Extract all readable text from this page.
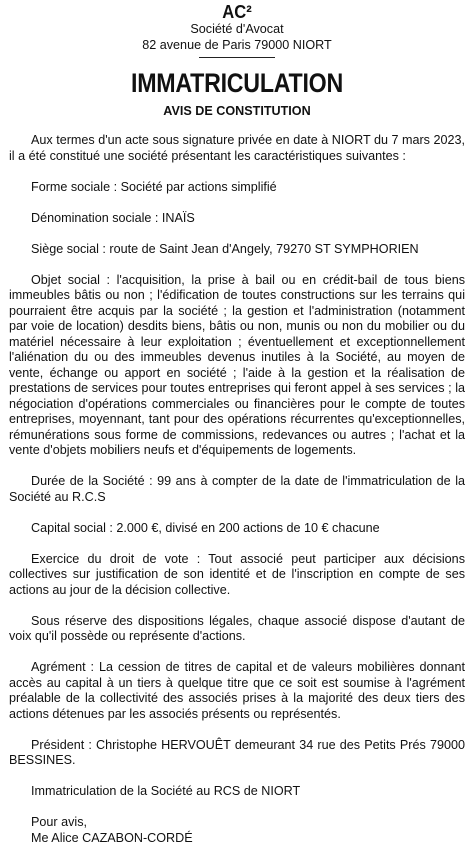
AC²
Société d'Avocat
82 avenue de Paris 79000 NIORT
IMMATRICULATION
AVIS DE CONSTITUTION

Aux termes d'un acte sous signature privée en date à NIORT du 7 mars 2023, il a été constitué une société présentant les caractéristiques suivantes :

Forme sociale : Société par actions simplifié

Dénomination sociale : INAÏS

Siège social : route de Saint Jean d'Angely, 79270 ST SYMPHORIEN

Objet social : l'acquisition, la prise à bail ou en crédit-bail de tous biens immeubles bâtis ou non ; l'édification de toutes constructions sur les terrains qui pourraient être acquis par la société ; la gestion et l'administration (notamment par voie de location) desdits biens, bâtis ou non, munis ou non du mobilier ou du matériel nécessaire à leur exploitation ; éventuellement et exceptionnellement l'aliénation du ou des immeubles devenus inutiles à la Société, au moyen de vente, échange ou apport en société ; l'aide à la gestion et la réalisation de prestations de services pour toutes entreprises qui feront appel à ses services ; la négociation d'opérations commerciales ou financières pour le compte de toutes entreprises, moyennant, tant pour des opérations récurrentes qu'exceptionnelles, rémunérations sous forme de commissions, redevances ou autres ; l'achat et la vente d'objets mobiliers neufs et d'équipements de logements.

Durée de la Société : 99 ans à compter de la date de l'immatriculation de la Société au R.C.S

Capital social : 2.000 €, divisé en 200 actions de 10 € chacune

Exercice du droit de vote : Tout associé peut participer aux décisions collectives sur justification de son identité et de l'inscription en compte de ses actions au jour de la décision collective.

Sous réserve des dispositions légales, chaque associé dispose d'autant de voix qu'il possède ou représente d'actions.

Agrément : La cession de titres de capital et de valeurs mobilières donnant accès au capital à un tiers à quelque titre que ce soit est soumise à l'agrément préalable de la collectivité des associés prises à la majorité des deux tiers des actions détenues par les associés présents ou représentés.

Président : Christophe HERVOUÊT demeurant 34 rue des Petits Prés 79000 BESSINES.

Immatriculation de la Société au RCS de NIORT

Pour avis,

Me Alice CAZABON-CORDÉ
